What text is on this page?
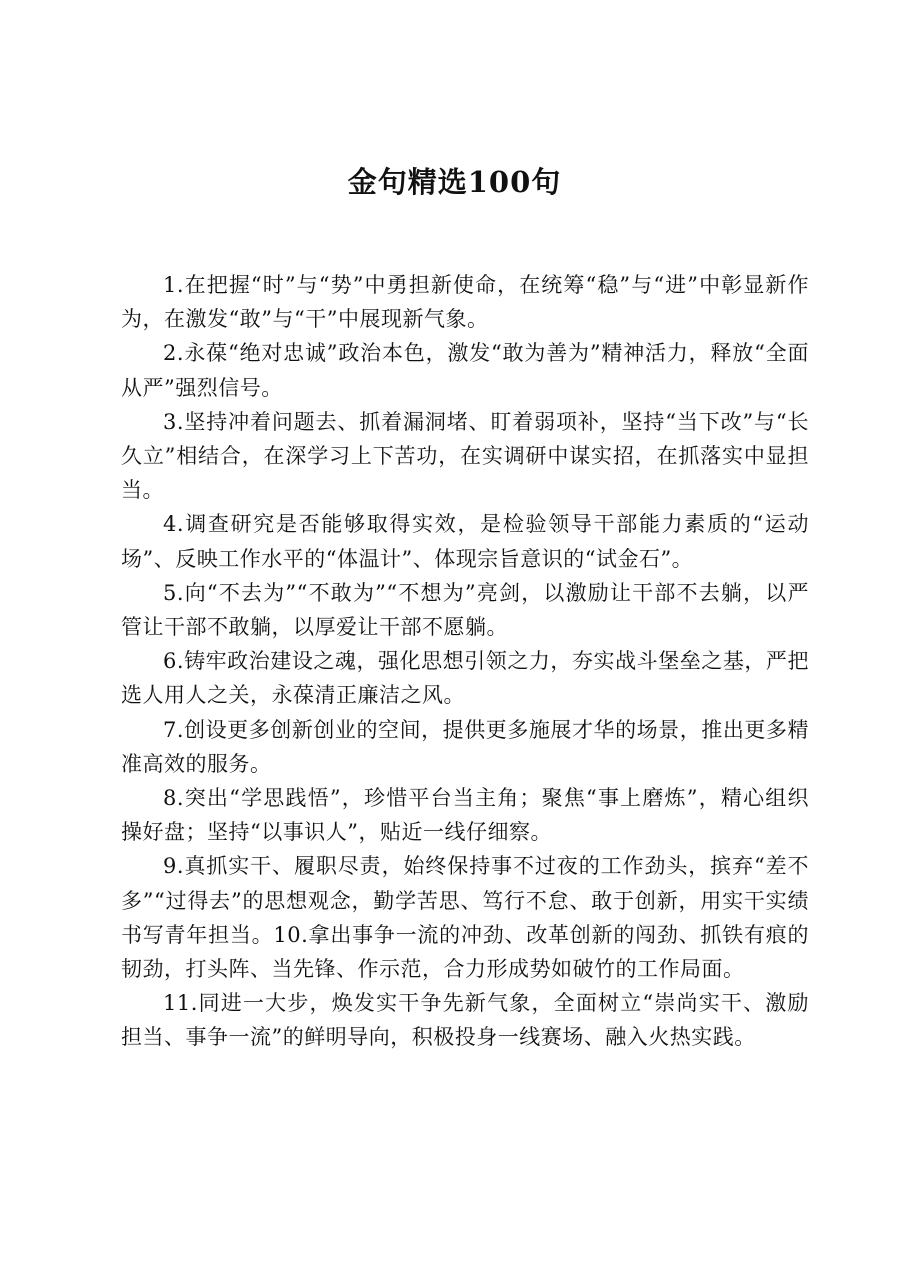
金句精选100句

1.在把握“时”与“势”中勇担新使命，在统筹“稳”与“进”中彰显新作为，在激发“敢”与“干”中展现新气象。

2.永葆“绝对忠诚”政治本色，激发“敢为善为”精神活力，释放“全面从严”强烈信号。

3.坚持冲着问题去、抓着漏洞堵、盯着弱项补，坚持“当下改”与“长久立”相结合，在深学习上下苦功，在实调研中谋实招，在抓落实中显担当。

4.调查研究是否能够取得实效，是检验领导干部能力素质的“运动场”、反映工作水平的“体温计”、体现宗旨意识的“试金石”。

5.向“不去为”“不敢为”“不想为”亮剑，以激励让干部不去躺，以严管让干部不敢躺，以厚爱让干部不愿躺。

6.铸牢政治建设之魂，强化思想引领之力，夯实战斗堡垒之基，严把选人用人之关，永葆清正廉洁之风。

7.创设更多创新创业的空间，提供更多施展才华的场景，推出更多精准高效的服务。

8.突出“学思践悟”，珍惜平台当主角；聚焦“事上磨炼”，精心组织操好盘；坚持“以事识人”，贴近一线仔细察。

9.真抓实干、履职尽责，始终保持事不过夜的工作劲头，摈弃“差不多”“过得去”的思想观念，勤学苦思、笃行不怠、敢于创新，用实干实绩书写青年担当。10.拿出事争一流的冲劲、改革创新的闯劲、抓铁有痕的韧劲，打头阵、当先锋、作示范，合力形成势如破竹的工作局面。

11.同进一大步，焕发实干争先新气象，全面树立“崇尚实干、激励担当、事争一流”的鲜明导向，积极投身一线赛场、融入火热实践。
